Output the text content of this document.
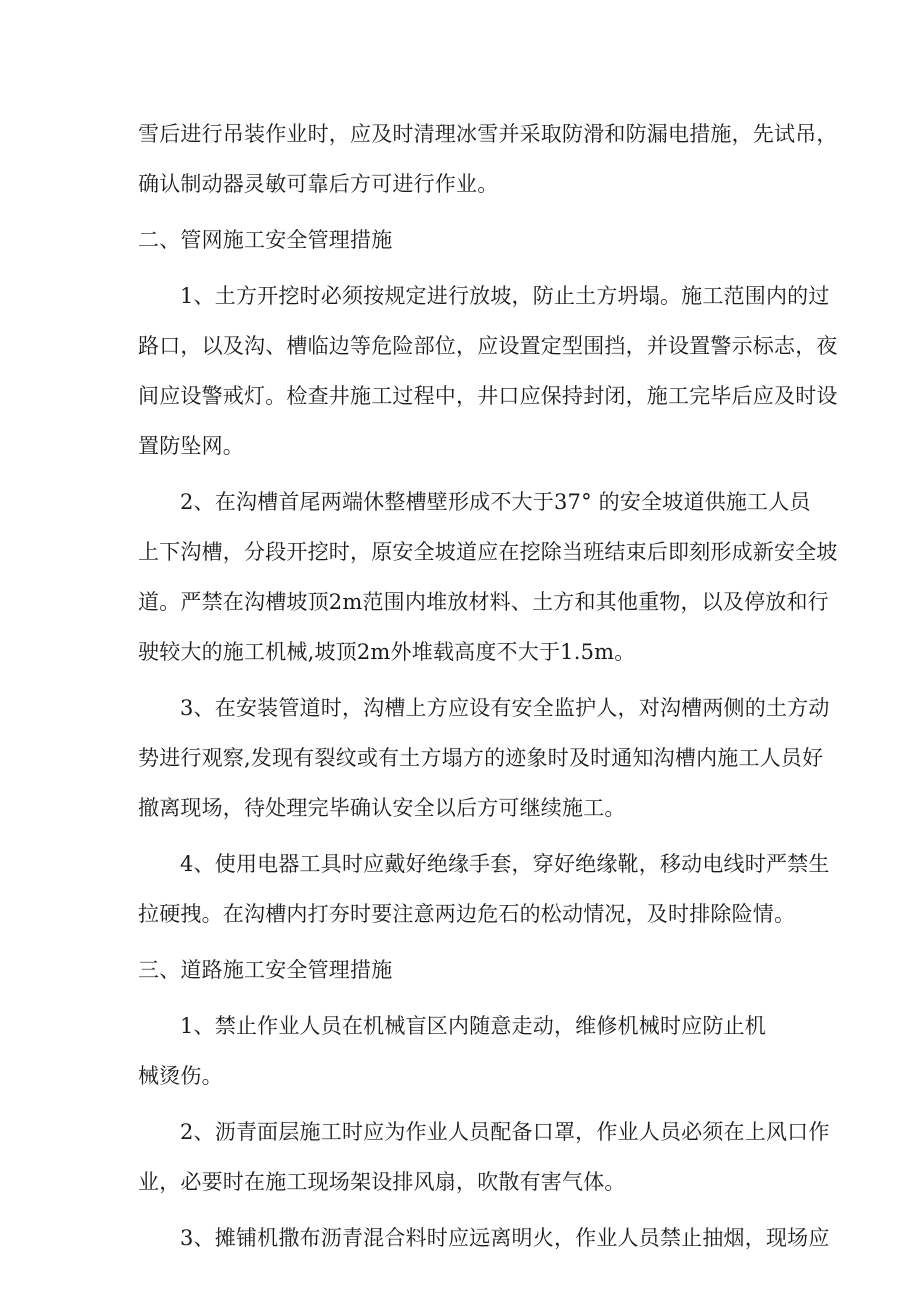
雪后进行吊装作业时，应及时清理冰雪并采取防滑和防漏电措施，先试吊，
确认制动器灵敏可靠后方可进行作业。
二、管网施工安全管理措施
1、土方开挖时必须按规定进行放坡，防止土方坍塌。施工范围内的过
路口，以及沟、槽临边等危险部位，应设置定型围挡，并设置警示标志，夜
间应设警戒灯。检查井施工过程中，井口应保持封闭，施工完毕后应及时设
置防坠网。
2、在沟槽首尾两端休整槽壁形成不大于37° 的安全坡道供施工人员
上下沟槽，分段开挖时，原安全坡道应在挖除当班结束后即刻形成新安全坡
道。严禁在沟槽坡顶2m范围内堆放材料、土方和其他重物，以及停放和行
驶较大的施工机械,坡顶2m外堆载高度不大于1.5m。
3、在安装管道时，沟槽上方应设有安全监护人，对沟槽两侧的土方动
势进行观察,发现有裂纹或有土方塌方的迹象时及时通知沟槽内施工人员好
撤离现场，待处理完毕确认安全以后方可继续施工。
4、使用电器工具时应戴好绝缘手套，穿好绝缘靴，移动电线时严禁生
拉硬拽。在沟槽内打夯时要注意两边危石的松动情况，及时排除险情。
三、道路施工安全管理措施
1、禁止作业人员在机械盲区内随意走动，维修机械时应防止机
械烫伤。
2、沥青面层施工时应为作业人员配备口罩，作业人员必须在上风口作
业，必要时在施工现场架设排风扇，吹散有害气体。
3、摊铺机撒布沥青混合料时应远离明火，作业人员禁止抽烟，现场应
